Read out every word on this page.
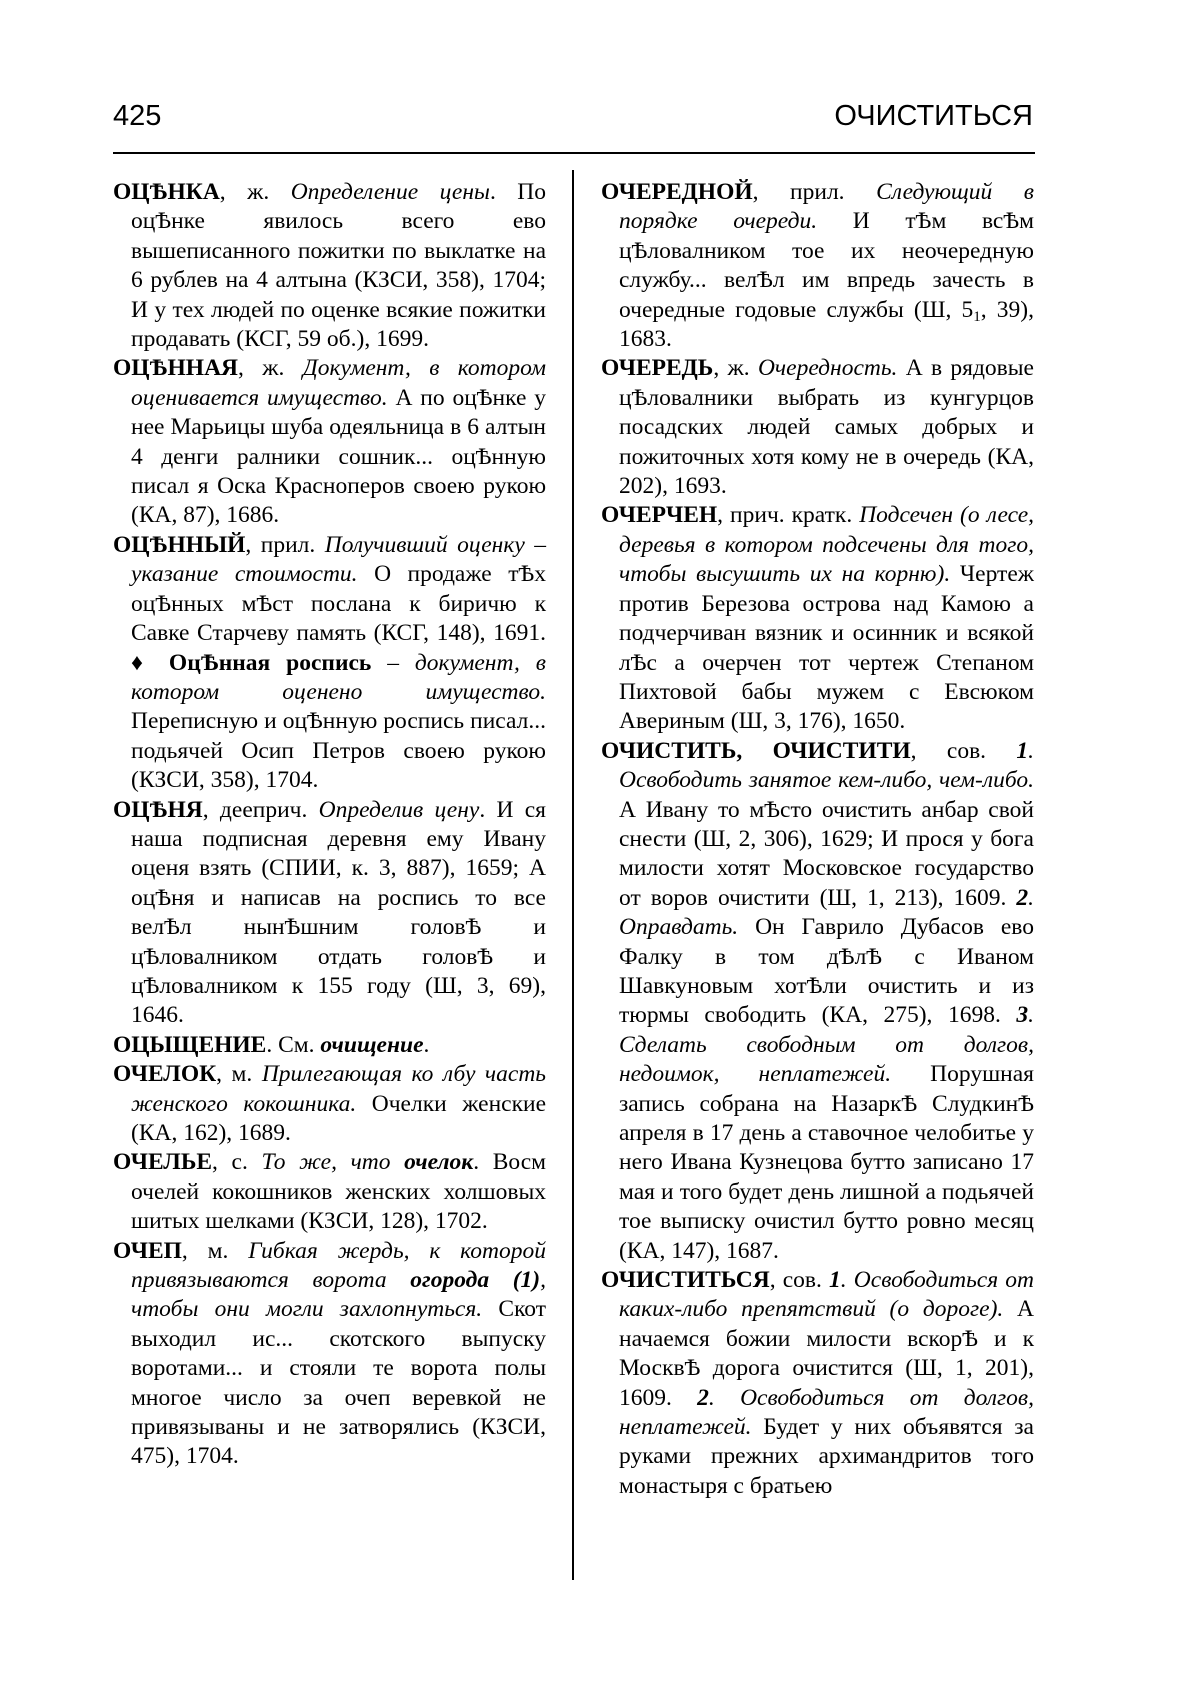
425	ОЧИСТИТЬСЯ

ОЦѢНКА, ж. Определение цены. По оцѢнке явилось всего ево вышеписанного пожитки по выклатке на 6 рублев на 4 алтына (КЗСИ, 358), 1704; И у тех людей по оценке всякие пожитки продавать (КСГ, 59 об.), 1699.

ОЦѢННАЯ, ж. Документ, в котором оценивается имущество. А по оцѢнке у нее Марьицы шуба одеяльница в 6 алтын 4 денги ралники сошник... оцѢнную писал я Оска Красноперов своею рукою (КА, 87), 1686.

ОЦѢННЫЙ, прил. Получивший оценку – указание стоимости. О продаже тѢх оцѢнных мѢст послана к биричю к Савке Старчеву память (КСГ, 148), 1691. ♦ ОцѢнная роспись – документ, в котором оценено имущество. Переписную и оцѢнную роспись писал... подьячей Осип Петров своею рукою (КЗСИ, 358), 1704.

ОЦѢНЯ, дееприч. Определив цену. И ся наша подписная деревня ему Ивану оценя взять (СПИИ, к. 3, 887), 1659; А оцѢня и написав на роспись то все велѢл нынѢшним головѢ и цѢловалником отдать головѢ и цѢловалником к 155 году (Ш, 3, 69), 1646.

ОЦЫЩЕНИЕ. См. очищение.

ОЧЕЛОК, м. Прилегающая ко лбу часть женского кокошника. Очелки женские (КА, 162), 1689.

ОЧЕЛЬЕ, с. То же, что очелок. Восм очелей кокошников женских холшовых шитых шелками (КЗСИ, 128), 1702.

ОЧЕП, м. Гибкая жердь, к которой привязываются ворота огорода (1), чтобы они могли захлопнуться. Скот выходил ис... скотского выпуску воротами... и стояли те ворота полы многое число за очеп веревкой не привязываны и не затворялись (КЗСИ, 475), 1704.

ОЧЕРЕДНОЙ, прил. Следующий в порядке очереди. И тѢм всѢм цѢловалником тое их неочередную службу... велѢл им впредь зачесть в очередные годовые службы (Ш, $5_1$, 39), 1683.

ОЧЕРЕДЬ, ж. Очередность. А в рядовые цѢловалники выбрать из кунгурцов посадских людей самых добрых и пожиточных хотя кому не в очередь (КА, 202), 1693.

ОЧЕРЧЕН, прич. кратк. Подсечен (о лесе, деревья в котором подсечены для того, чтобы высушить их на корню). Чертеж против Березова острова над Камою а подчерчиван вязник и осинник и всякой лѢс а очерчен тот чертеж Степаном Пихтовой бабы мужем с Евсюком Авериным (Ш, 3, 176), 1650.

ОЧИСТИТЬ, ОЧИСТИТИ, сов. 1. Освободить занятое кем-либо, чем-либо. А Ивану то мѢсто очистить анбар свой снести (Ш, 2, 306), 1629; И прося у бога милости хотят Московское государство от воров очистити (Ш, 1, 213), 1609. 2. Оправдать. Он Гаврило Дубасов ево Фалку в том дѢлѢ с Иваном Шавкуновым хотѢли очистить и из тюрмы свободить (КА, 275), 1698. 3. Сделать свободным от долгов, недоимок, неплатежей. Порушная запись собрана на НазаркѢ СлудкинѢ апреля в 17 день а ставочное челобитье у него Ивана Кузнецова бутто записано 17 мая и того будет день лишной а подьячей тое выписку очистил бутто ровно месяц (КА, 147), 1687.

ОЧИСТИТЬСЯ, сов. 1. Освободиться от каких-либо препятствий (о дороге). А начаемся божии милости вскорѢ и к МосквѢ дорога очистится (Ш, 1, 201), 1609. 2. Освободиться от долгов, неплатежей. Будет у них объявятся за руками прежних архимандритов того монастыря с братьею
